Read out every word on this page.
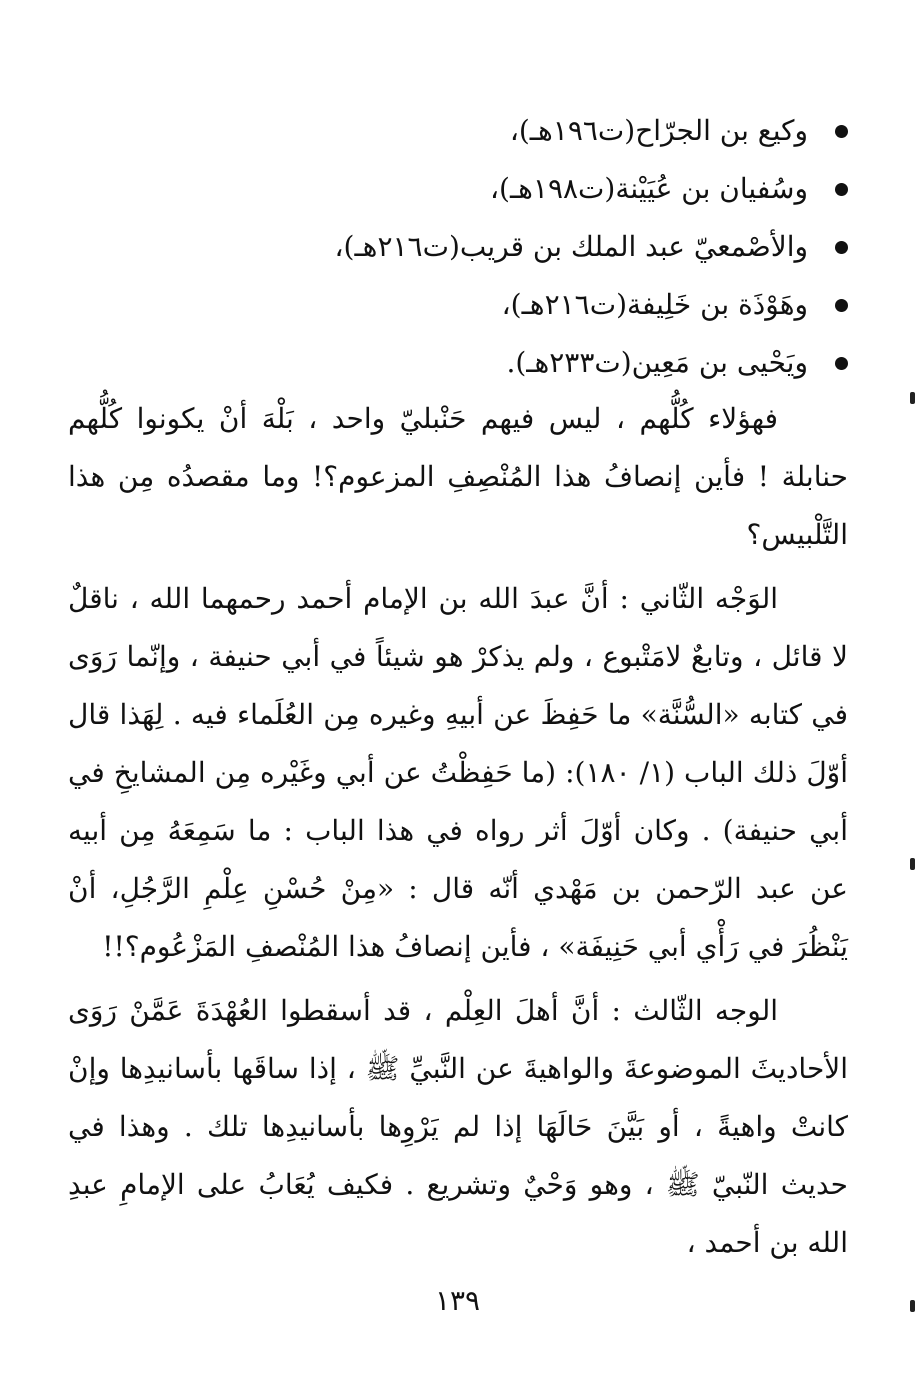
وكيع بن الجرّاح(ت١٩٦هـ)،
وسُفيان بن عُيَيْنة(ت١٩٨هـ)،
والأصْمعيّ عبد الملك بن قريب(ت٢١٦هـ)،
وهَوْذَة بن خَلِيفة(ت٢١٦هـ)،
ويَحْيى بن مَعِين(ت٢٣٣هـ).

فهؤلاء كُلُّهم ، ليس فيهم حَنْبليّ واحد ، بَلْهَ أنْ يكونوا كُلُّهم حنابلة ! فأين إنصافُ هذا المُنْصِفِ المزعوم؟! وما مقصدُه مِن هذا التَّلْبيس؟

الوَجْه الثّاني : أنَّ عبدَ الله بن الإمام أحمد رحمهما الله ، ناقلٌ لا قائل ، وتابعٌ لامَتْبوع ، ولم يذكرْ هو شيئاً في أبي حنيفة ، وإنّما رَوَى في كتابه «السُّنَّة» ما حَفِظَ عن أبيهِ وغيره مِن العُلَماء فيه . لِهَذا قال أوّلَ ذلك الباب (١/ ١٨٠): (ما حَفِظْتُ عن أبي وغَيْره مِن المشايخِ في أبي حنيفة) . وكان أوّلَ أثر رواه في هذا الباب : ما سَمِعَهُ مِن أبيه عن عبد الرّحمن بن مَهْدي أنّه قال : «مِنْ حُسْنِ عِلْمِ الرَّجُلِ، أنْ يَنْظُرَ في رَأْي أبي حَنِيفَة» ، فأين إنصافُ هذا المُنْصفِ المَزْعُوم؟!!

الوجه الثّالث : أنَّ أهلَ العِلْم ، قد أسقطوا العُهْدَةَ عَمَّنْ رَوَى الأحاديثَ الموضوعةَ والواهيةَ عن النَّبيِّ ﷺ ، إذا ساقَها بأسانيدِها وإنْ كانتْ واهيةً ، أو بَيَّنَ حَالَهَا إذا لم يَرْوِها بأسانيدِها تلك . وهذا في حديث النّبيّ ﷺ ، وهو وَحْيٌ وتشريع . فكيف يُعَابُ على الإمامِ عبدِ الله بن أحمد ،

١٣٩
